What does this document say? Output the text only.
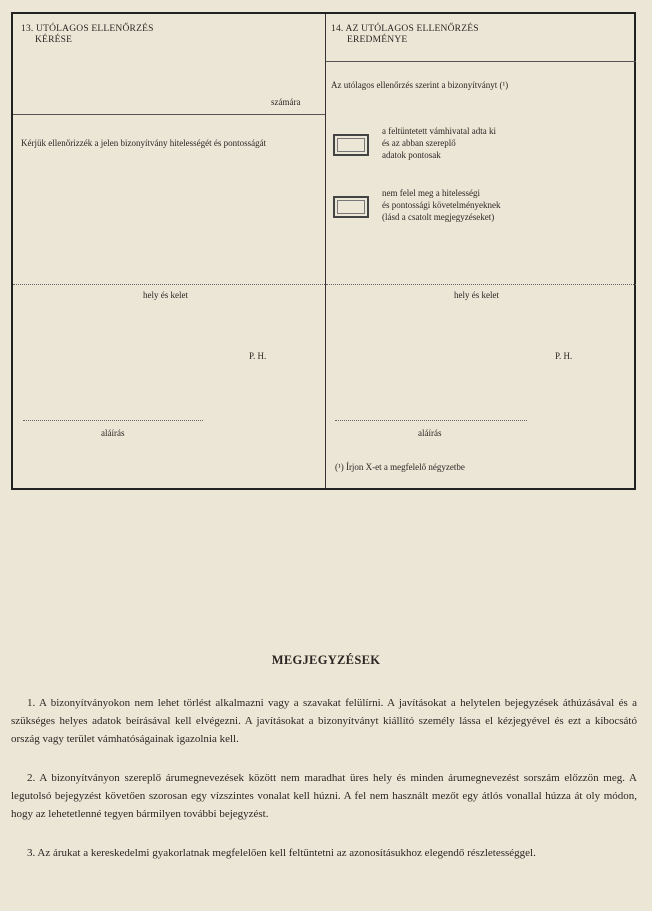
13. UTÓLAGOS ELLENŐRZÉS
KÉRÉSE
számára
Kérjük ellenőrizzék a jelen bizonyítvány hitelességét és pontosságát
hely és kelet
P. H.
aláírás
14. AZ UTÓLAGOS ELLENŐRZÉS
EREDMÉNYE
Az utólagos ellenőrzés szerint a bizonyítványt (¹)
a feltüntetett vámhivatal adta ki
és az abban szereplő
adatok pontosak
nem felel meg a hitelességi
és pontossági követelményeknek
(lásd a csatolt megjegyzéseket)
hely és kelet
P. H.
aláírás
(¹) Írjon X-et a megfelelő négyzetbe
MEGJEGYZÉSEK
1. A bizonyítványokon nem lehet törlést alkalmazni vagy a szavakat felülírni. A javításokat a helytelen bejegyzések áthúzásával és a szükséges helyes adatok beírásával kell elvégezni. A javításokat a bizonyítványt kiállító személy lássa el kézjegyével és ezt a kibocsátó ország vagy terület vámhatóságainak igazolnia kell.
2. A bizonyítványon szereplő árumegnevezések között nem maradhat üres hely és minden árumegnevezést sorszám előzzön meg. A legutolsó bejegyzést követően szorosan egy vízszintes vonalat kell húzni. A fel nem használt mezőt egy átlós vonallal húzza át oly módon, hogy az lehetetlenné tegyen bármilyen további bejegyzést.
3. Az árukat a kereskedelmi gyakorlatnak megfelelően kell feltüntetni az azonosításukhoz elegendő részletességgel.
